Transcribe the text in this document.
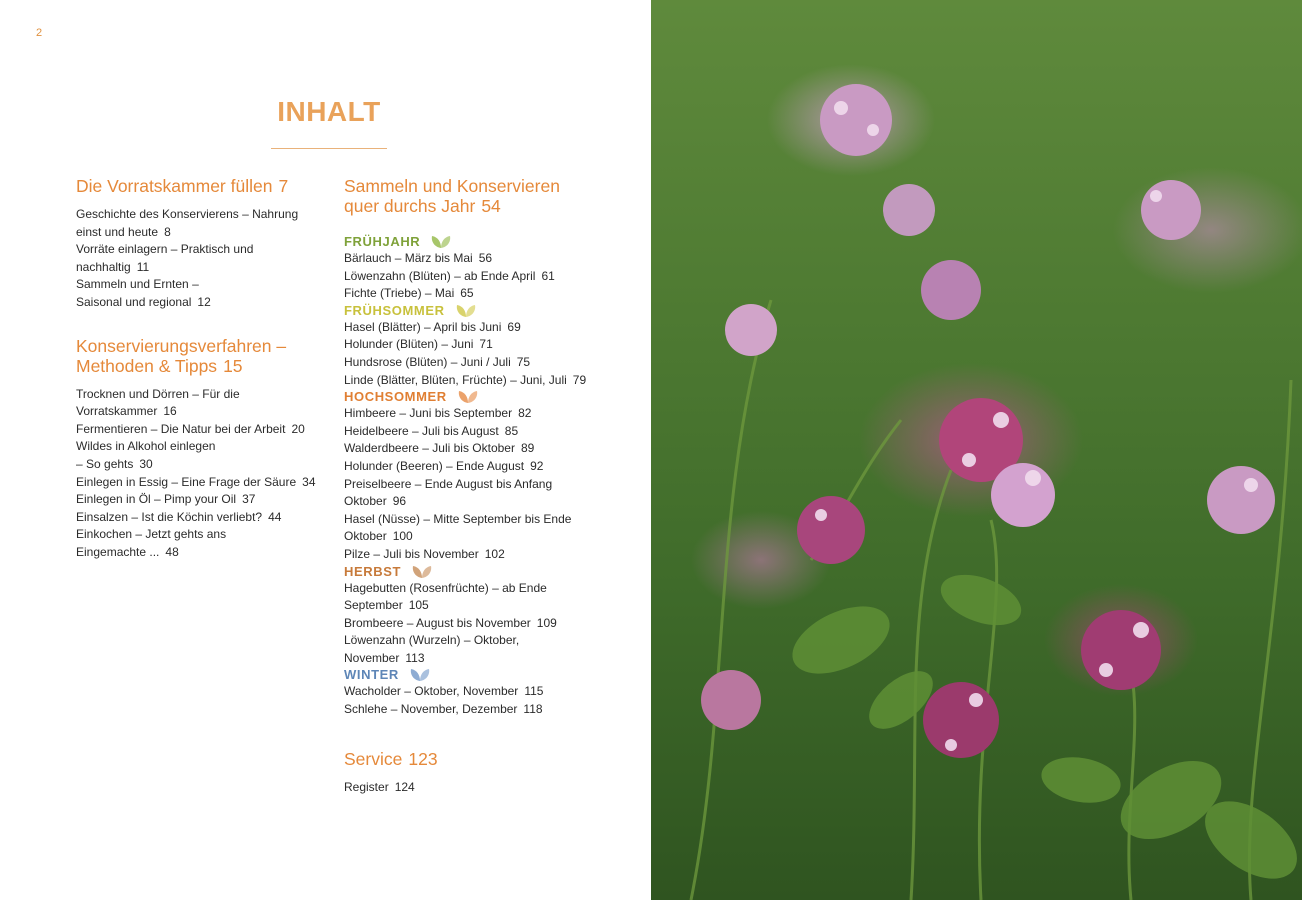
2
INHALT
Die Vorratskammer füllen 7
Geschichte des Konservierens – Nahrung
einst und heute 8
Vorräte einlagern – Praktisch und
nachhaltig 11
Sammeln und Ernten –
Saisonal und regional 12
Konservierungsverfahren –
Methoden & Tipps 15
Trocknen und Dörren – Für die
Vorratskammer 16
Fermentieren – Die Natur bei der Arbeit 20
Wildes in Alkohol einlegen
– So gehts 30
Einlegen in Essig – Eine Frage der Säure 34
Einlegen in Öl – Pimp your Oil 37
Einsalzen – Ist die Köchin verliebt? 44
Einkochen – Jetzt gehts ans
Eingemachte ... 48
Sammeln und Konservieren
quer durchs Jahr 54
FRÜHJAHR
Bärlauch – März bis Mai 56
Löwenzahn (Blüten) – ab Ende April 61
Fichte (Triebe) – Mai 65
FRÜHSOMMER
Hasel (Blätter) – April bis Juni 69
Holunder (Blüten) – Juni 71
Hundsrose (Blüten) – Juni / Juli 75
Linde (Blätter, Blüten, Früchte) – Juni, Juli 79
HOCHSOMMER
Himbeere – Juni bis September 82
Heidelbeere – Juli bis August 85
Walderdbeere – Juli bis Oktober 89
Holunder (Beeren) – Ende August 92
Preiselbeere – Ende August bis Anfang
Oktober 96
Hasel (Nüsse) – Mitte September bis Ende
Oktober 100
Pilze – Juli bis November 102
HERBST
Hagebutten (Rosenfrüchte) – ab Ende
September 105
Brombeere – August bis November 109
Löwenzahn (Wurzeln) – Oktober,
November 113
WINTER
Wacholder – Oktober, November 115
Schlehe – November, Dezember 118
Service 123
Register 124
